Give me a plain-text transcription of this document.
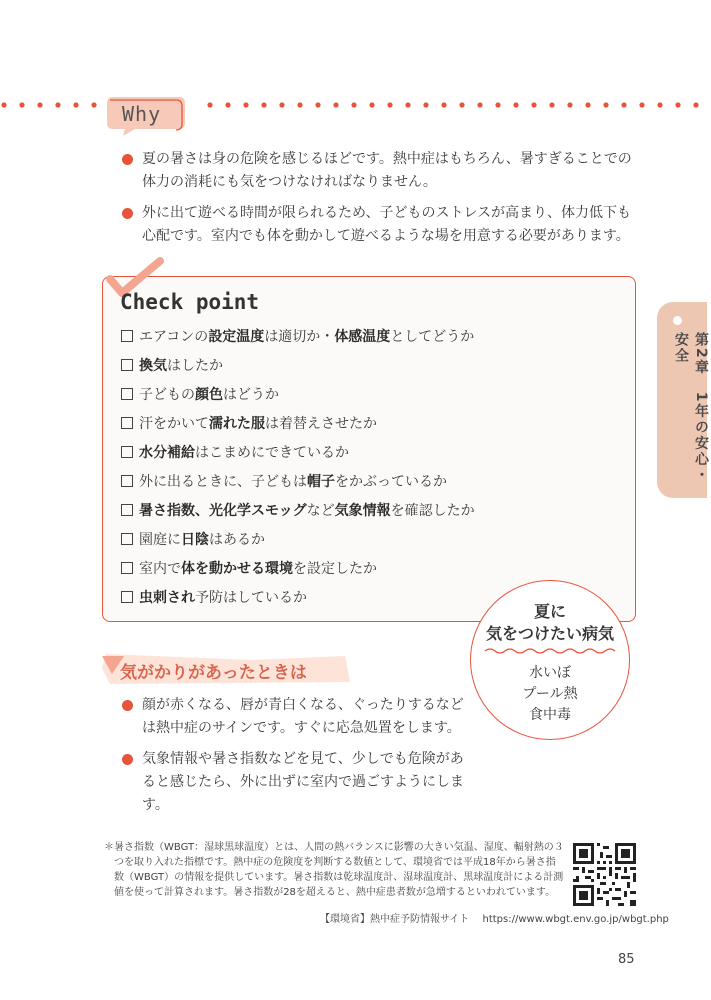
Why
夏の暑さは身の危険を感じるほどです。熱中症はもちろん、暑すぎることでの体力の消耗にも気をつけなければなりません。
外に出て遊べる時間が限られるため、子どものストレスが高まり、体力低下も心配です。室内でも体を動かして遊べるような場を用意する必要があります。
Check point
エアコンの設定温度は適切か・体感温度としてどうか
換気はしたか
子どもの顔色はどうか
汗をかいて濡れた服は着替えさせたか
水分補給はこまめにできているか
外に出るときに、子どもは帽子をかぶっているか
暑さ指数、光化学スモッグなど気象情報を確認したか
園庭に日陰はあるか
室内で体を動かせる環境を設定したか
虫刺され予防はしているか
第2章　1年の安心・安全
夏に
気をつけたい病気
水いぼ
プール熱
食中毒
気がかりがあったときは
顔が赤くなる、唇が青白くなる、ぐったりするなどは熱中症のサインです。すぐに応急処置をします。
気象情報や暑さ指数などを見て、少しでも危険があると感じたら、外に出ずに室内で過ごすようにします。
＊ 暑さ指数（WBGT：湿球黒球温度）とは、人間の熱バランスに影響の大きい気温、湿度、輻射熱の３つを取り入れた指標です。熱中症の危険度を判断する数値として、環境省では平成18年から暑さ指数（WBGT）の情報を提供しています。暑さ指数は乾球温度計、湿球温度計、黒球温度計による計測値を使って計算されます。暑さ指数が28を超えると、熱中症患者数が急増するといわれています。
【環境省】熱中症予防情報サイト https://www.wbgt.env.go.jp/wbgt.php
85
